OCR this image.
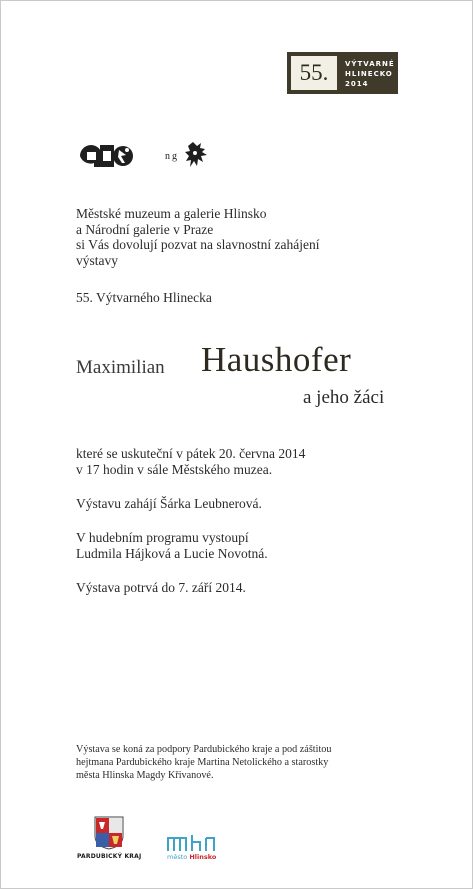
55.	VÝTVARNÉ
HLINECKO
2014
ng
Městské muzeum a galerie Hlinsko
a Národní galerie v Praze
si Vás dovolují pozvat na slavnostní zahájení
výstavy
55. Výtvarného Hlinecka
Maximilian Haushofer
a jeho žáci
které se uskuteční v pátek 20. června 2014
v 17 hodin v sále Městského muzea.
Výstavu zahájí Šárka Leubnerová.
V hudebním programu vystoupí
Ludmila Hájková a Lucie Novotná.
Výstava potrvá do 7. září 2014.
Výstava se koná za podpory Pardubického kraje a pod záštitou
hejtmana Pardubického kraje Martina Netolického a starostky
města Hlinska Magdy Křivanové.
PARDUBICKÝ KRAJ	město Hlinsko
